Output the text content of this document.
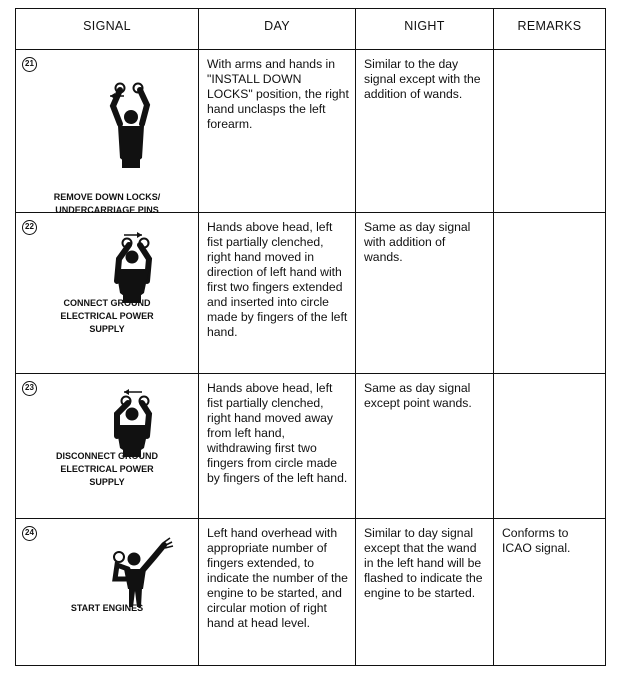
SIGNAL	DAY	NIGHT	REMARKS

21
REMOVE DOWN LOCKS/
UNDERCARRIAGE PINS	With arms and hands in "INSTALL DOWN LOCKS" position, the right hand unclasps the left forearm.	Similar to the day signal except with the addition of wands.	

22
CONNECT GROUND
ELECTRICAL POWER
SUPPLY	Hands above head, left fist partially clenched, right hand moved in direction of left hand with first two fingers extended and inserted into circle made by fingers of the left hand.	Same as day signal with addition of wands.	

23
DISCONNECT GROUND
ELECTRICAL POWER
SUPPLY	Hands above head, left fist partially clenched, right hand moved away from left hand, withdrawing first two fingers from circle made by fingers of the left hand.	Same as day signal except point wands.	

24
START ENGINES	Left hand overhead with appropriate number of fingers extended, to indicate the number of the engine to be started, and circular motion of right hand at head level.	Similar to day signal except that the wand in the left hand will be flashed to indicate the engine to be started.	Conforms to ICAO signal.
